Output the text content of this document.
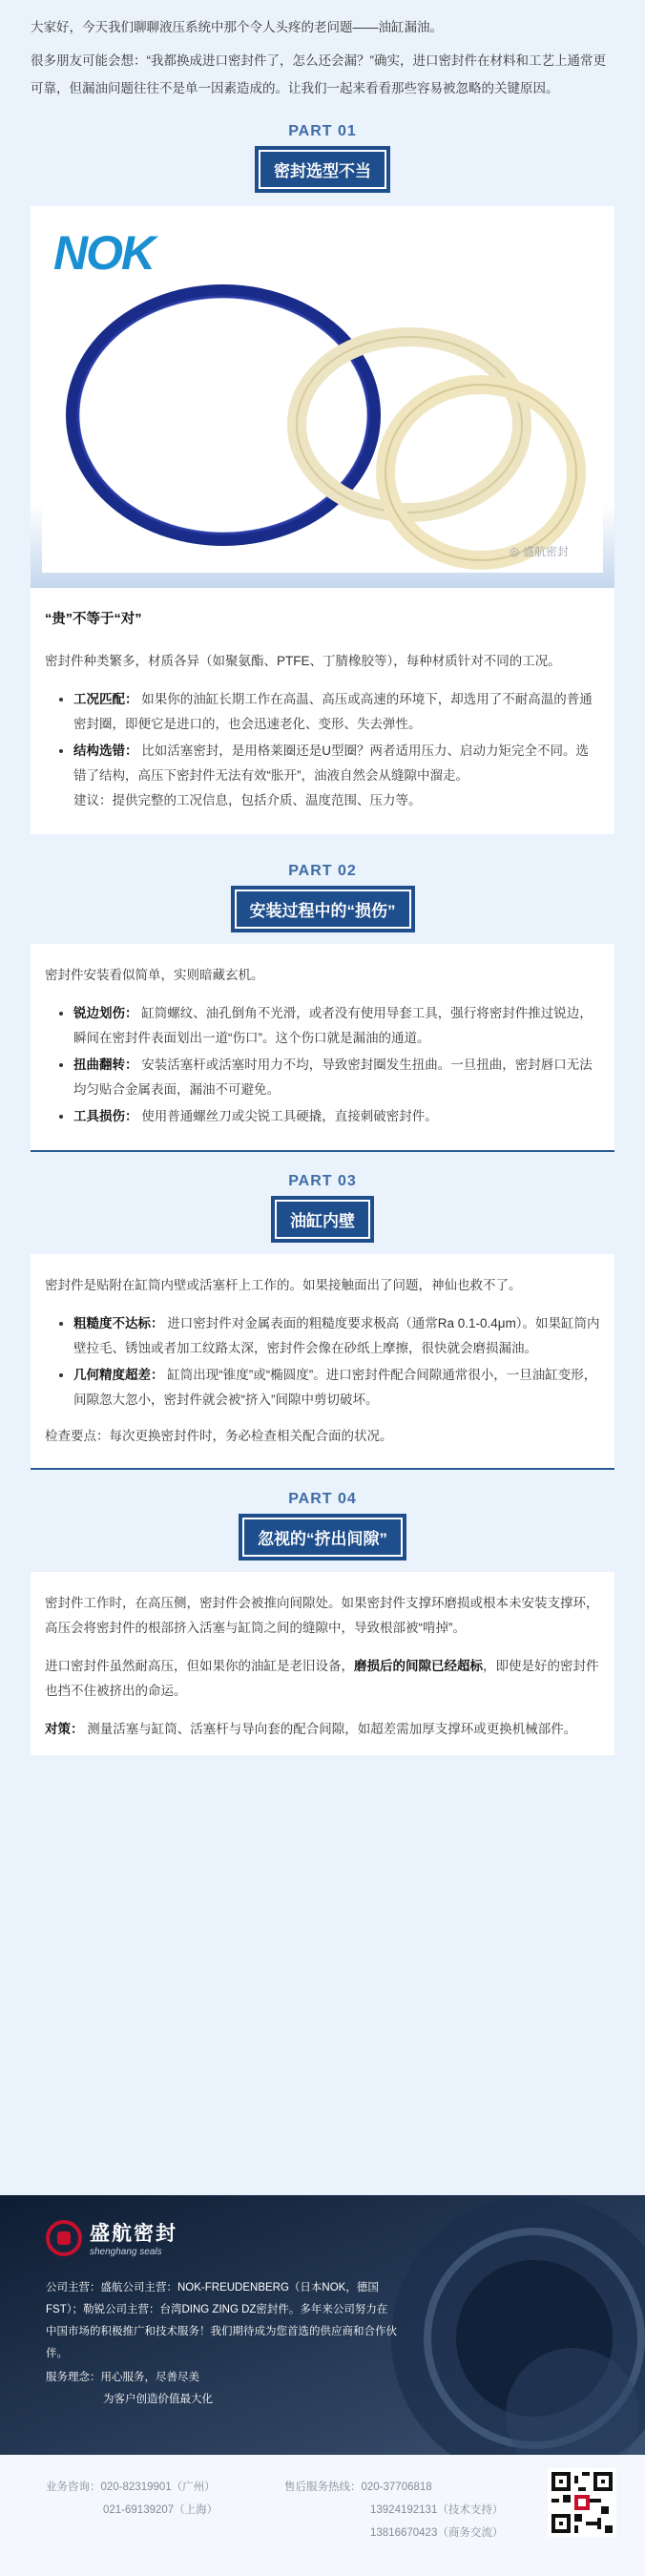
大家好，今天我们聊聊液压系统中那个令人头疼的老问题——油缸漏油。

很多朋友可能会想：“我都换成进口密封件了，怎么还会漏？”确实，进口密封件在材料和工艺上通常更可靠，但漏油问题往往不是单一因素造成的。让我们一起来看看那些容易被忽略的关键原因。

PART 01
密封选型不当
NOK
◎ 盛航密封

“贵”不等于“对”

密封件种类繁多，材质各异（如聚氨酯、PTFE、丁腈橡胶等），每种材质针对不同的工况。

• 工况匹配： 如果你的油缸长期工作在高温、高压或高速的环境下，却选用了不耐高温的普通密封圈，即便它是进口的，也会迅速老化、变形、失去弹性。
• 结构选错： 比如活塞密封，是用格莱圈还是U型圈？两者适用压力、启动力矩完全不同。选错了结构，高压下密封件无法有效“胀开”，油液自然会从缝隙中溜走。
建议：提供完整的工况信息，包括介质、温度范围、压力等。
PART 02
安装过程中的“损伤”

密封件安装看似简单，实则暗藏玄机。

• 锐边划伤： 缸筒螺纹、油孔倒角不光滑，或者没有使用导套工具，强行将密封件推过锐边，瞬间在密封件表面划出一道“伤口”。这个伤口就是漏油的通道。
• 扭曲翻转： 安装活塞杆或活塞时用力不均，导致密封圈发生扭曲。一旦扭曲，密封唇口无法均匀贴合金属表面，漏油不可避免。
• 工具损伤： 使用普通螺丝刀或尖锐工具硬撬，直接刺破密封件。
PART 03
油缸内壁

密封件是贴附在缸筒内壁或活塞杆上工作的。如果接触面出了问题，神仙也救不了。

• 粗糙度不达标： 进口密封件对金属表面的粗糙度要求极高（通常Ra 0.1-0.4μm）。如果缸筒内壁拉毛、锈蚀或者加工纹路太深，密封件会像在砂纸上摩擦，很快就会磨损漏油。
• 几何精度超差： 缸筒出现“锥度”或“椭圆度”。进口密封件配合间隙通常很小，一旦油缸变形，间隙忽大忽小，密封件就会被“挤入”间隙中剪切破坏。

检查要点：每次更换密封件时，务必检查相关配合面的状况。

PART 04
忽视的“挤出间隙”

密封件工作时，在高压侧，密封件会被推向间隙处。如果密封件支撑环磨损或根本未安装支撑环，高压会将密封件的根部挤入活塞与缸筒之间的缝隙中，导致根部被“啃掉”。

进口密封件虽然耐高压，但如果你的油缸是老旧设备，磨损后的间隙已经超标，即使是好的密封件也挡不住被挤出的命运。

对策： 测量活塞与缸筒、活塞杆与导向套的配合间隙，如超差需加厚支撑环或更换机械部件。

盛航密封
shenghang seals
公司主营：盛航公司主营：NOK-FREUDENBERG（日本NOK，德国FST）；勒锐公司主营：台湾DING ZING DZ密封件。多年来公司努力在中国市场的积极推广和技术服务！我们期待成为您首选的供应商和合作伙伴。
服务理念：用心服务，尽善尽美
为客户创造价值最大化
业务咨询：020-82319901（广州）
021-69139207（上海）
售后服务热线：020-37706818
13924192131（技术支持）
13816670423（商务交流）
